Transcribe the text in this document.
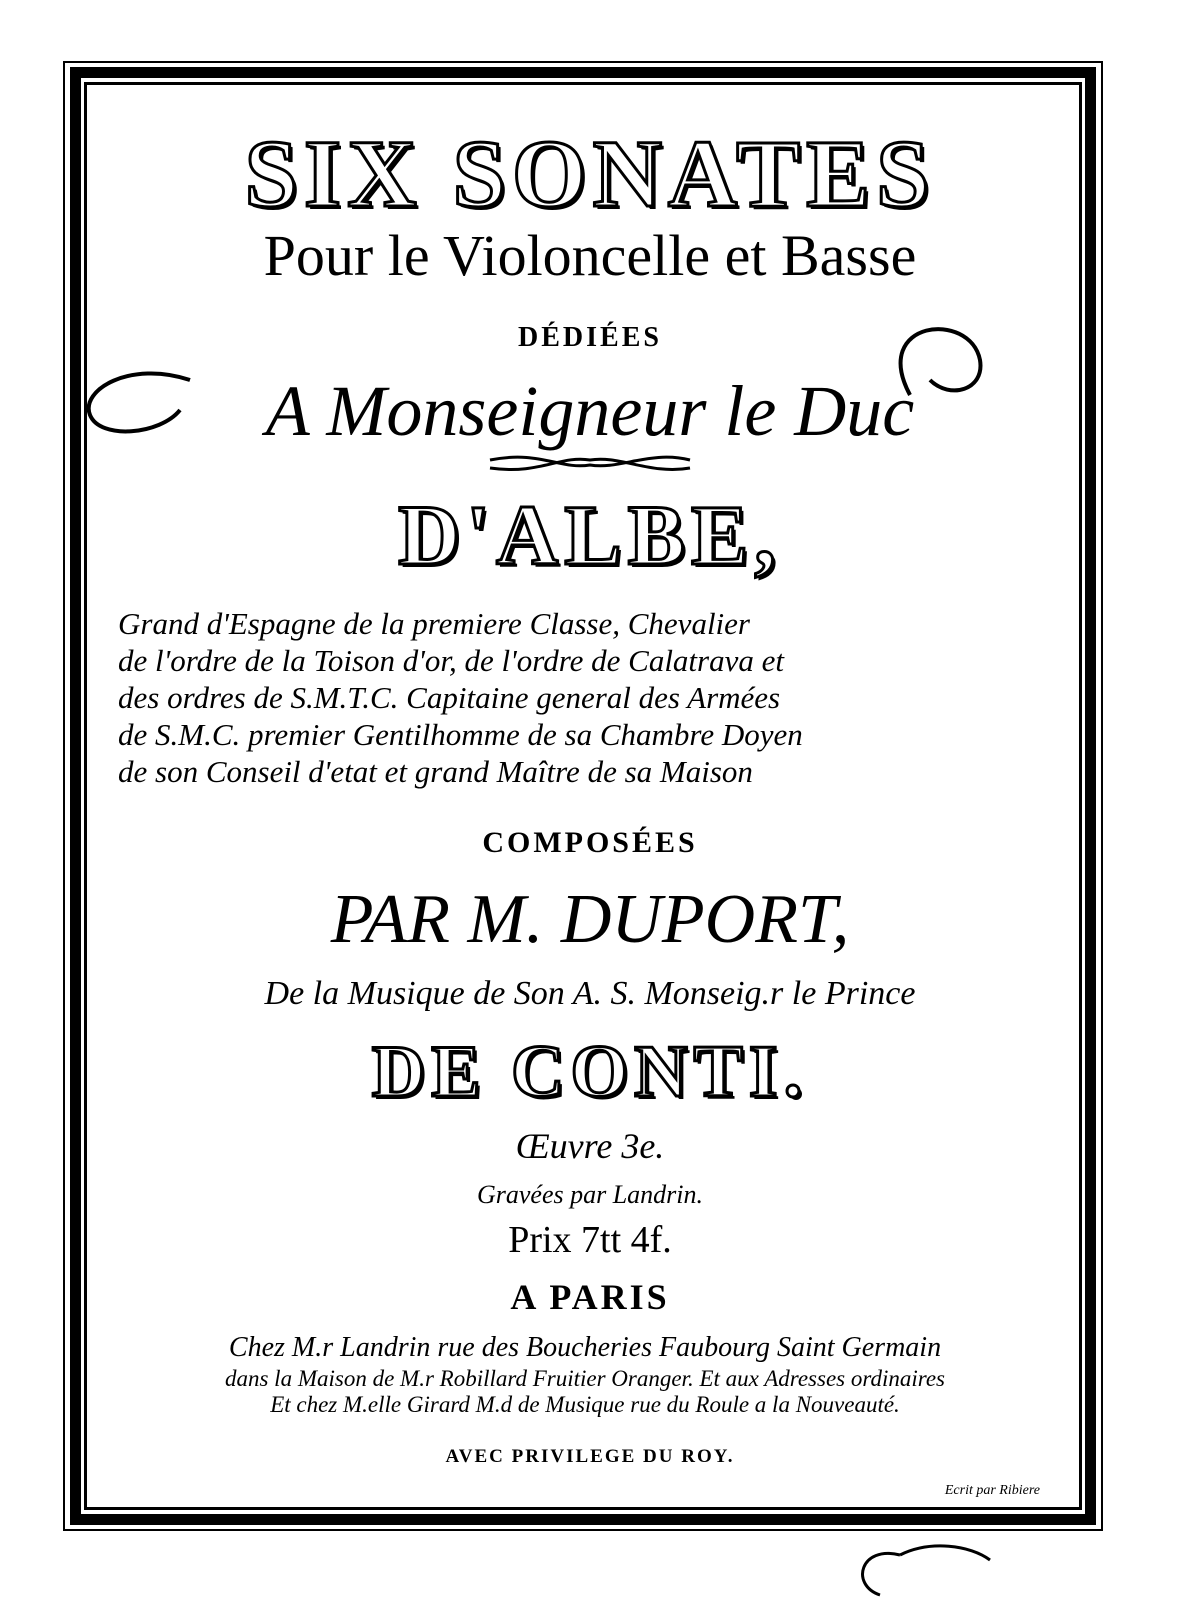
SIX SONATES
Pour le Violoncelle et Basse
DÉDIÉES
A Monseigneur le Duc
D'ALBE,
Grand d'Espagne de la premiere Classe, Chevalier
de l'ordre de la Toison d'or, de l'ordre de Calatrava et
des ordres de S.M.T.C. Capitaine general des Armées
de S.M.C. premier Gentilhomme de sa Chambre Doyen
de son Conseil d'etat et grand Maître de sa Maison
COMPOSÉES
PAR M. DUPORT,
De la Musique de Son A. S. Monseig.r le Prince
DE CONTI.
Œuvre 3e.
Gravées par Landrin.
Prix 7tt 4f.
A PARIS
Chez M.r Landrin rue des Boucheries Faubourg Saint Germain
dans la Maison de M.r Robillard Fruitier Oranger. Et aux Adresses ordinaires
Et chez M.elle Girard M.d de Musique rue du Roule a la Nouveauté.
AVEC PRIVILEGE DU ROY.
Ecrit par Ribiere
